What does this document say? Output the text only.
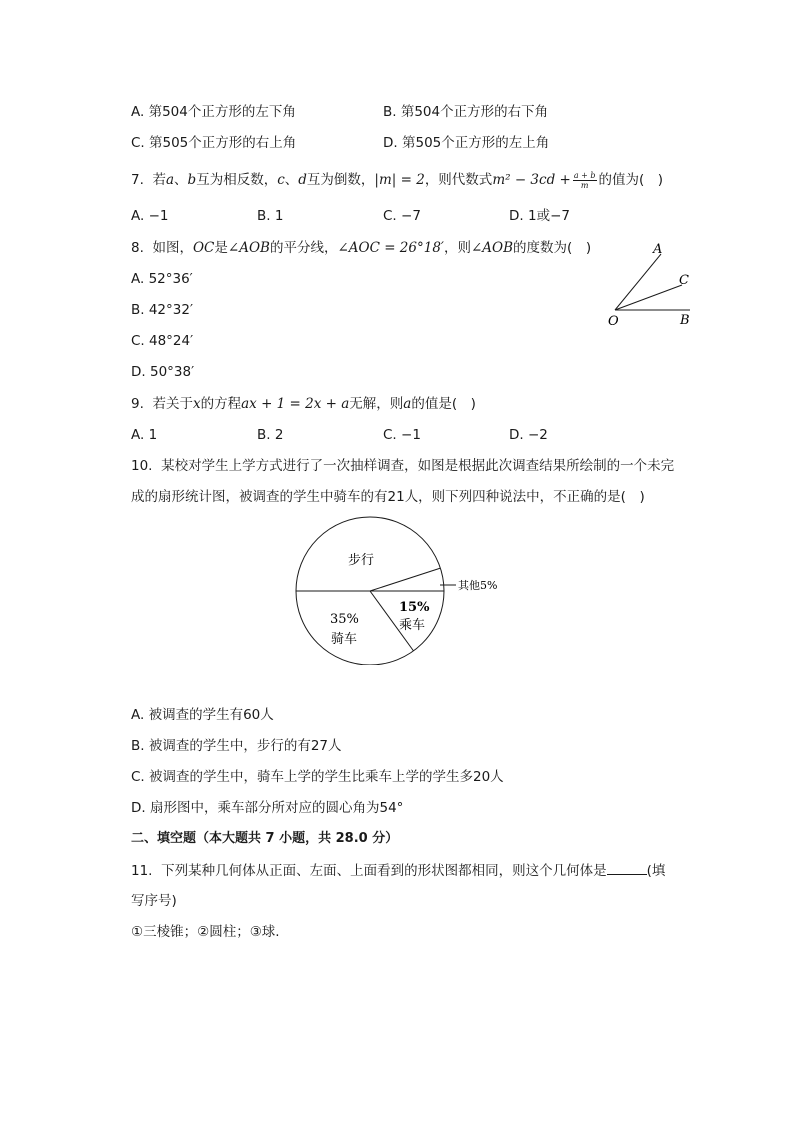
A. 第504个正方形的左下角	B. 第504个正方形的右下角
C. 第505个正方形的右上角	D. 第505个正方形的左上角
7. 若a、b互为相反数，c、d互为倒数，|m| = 2，则代数式$m^2 - 3cd + \frac{a + b}{m}$ 的值为(　)
A. −1	B. 1	C. −7	D. 1或−7
8. 如图，OC是∠AOB的平分线，∠AOC = 26°18′，则∠AOB的度数为(　)
A. 52°36′
B. 42°32′
C. 48°24′
D. 50°38′
A
C
O	B
9. 若关于x的方程ax + 1 = 2x + a无解，则a的值是(　)
A. 1	B. 2	C. −1	D. −2
10. 某校对学生上学方式进行了一次抽样调查，如图是根据此次调查结果所绘制的一个未完
成的扇形统计图，被调查的学生中骑车的有21人，则下列四种说法中，不正确的是(　)
其他5%
步行
35%
骑车
15%
乘车
A. 被调查的学生有60人
B. 被调查的学生中，步行的有27人
C. 被调查的学生中，骑车上学的学生比乘车上学的学生多20人
D. 扇形图中，乘车部分所对应的圆心角为54°
二、填空题（本大题共 7 小题，共 28.0 分）
11. 下列某种几何体从正面、左面、上面看到的形状图都相同，则这个几何体是	(填
写序号)
①三棱锥；②圆柱；③球.
